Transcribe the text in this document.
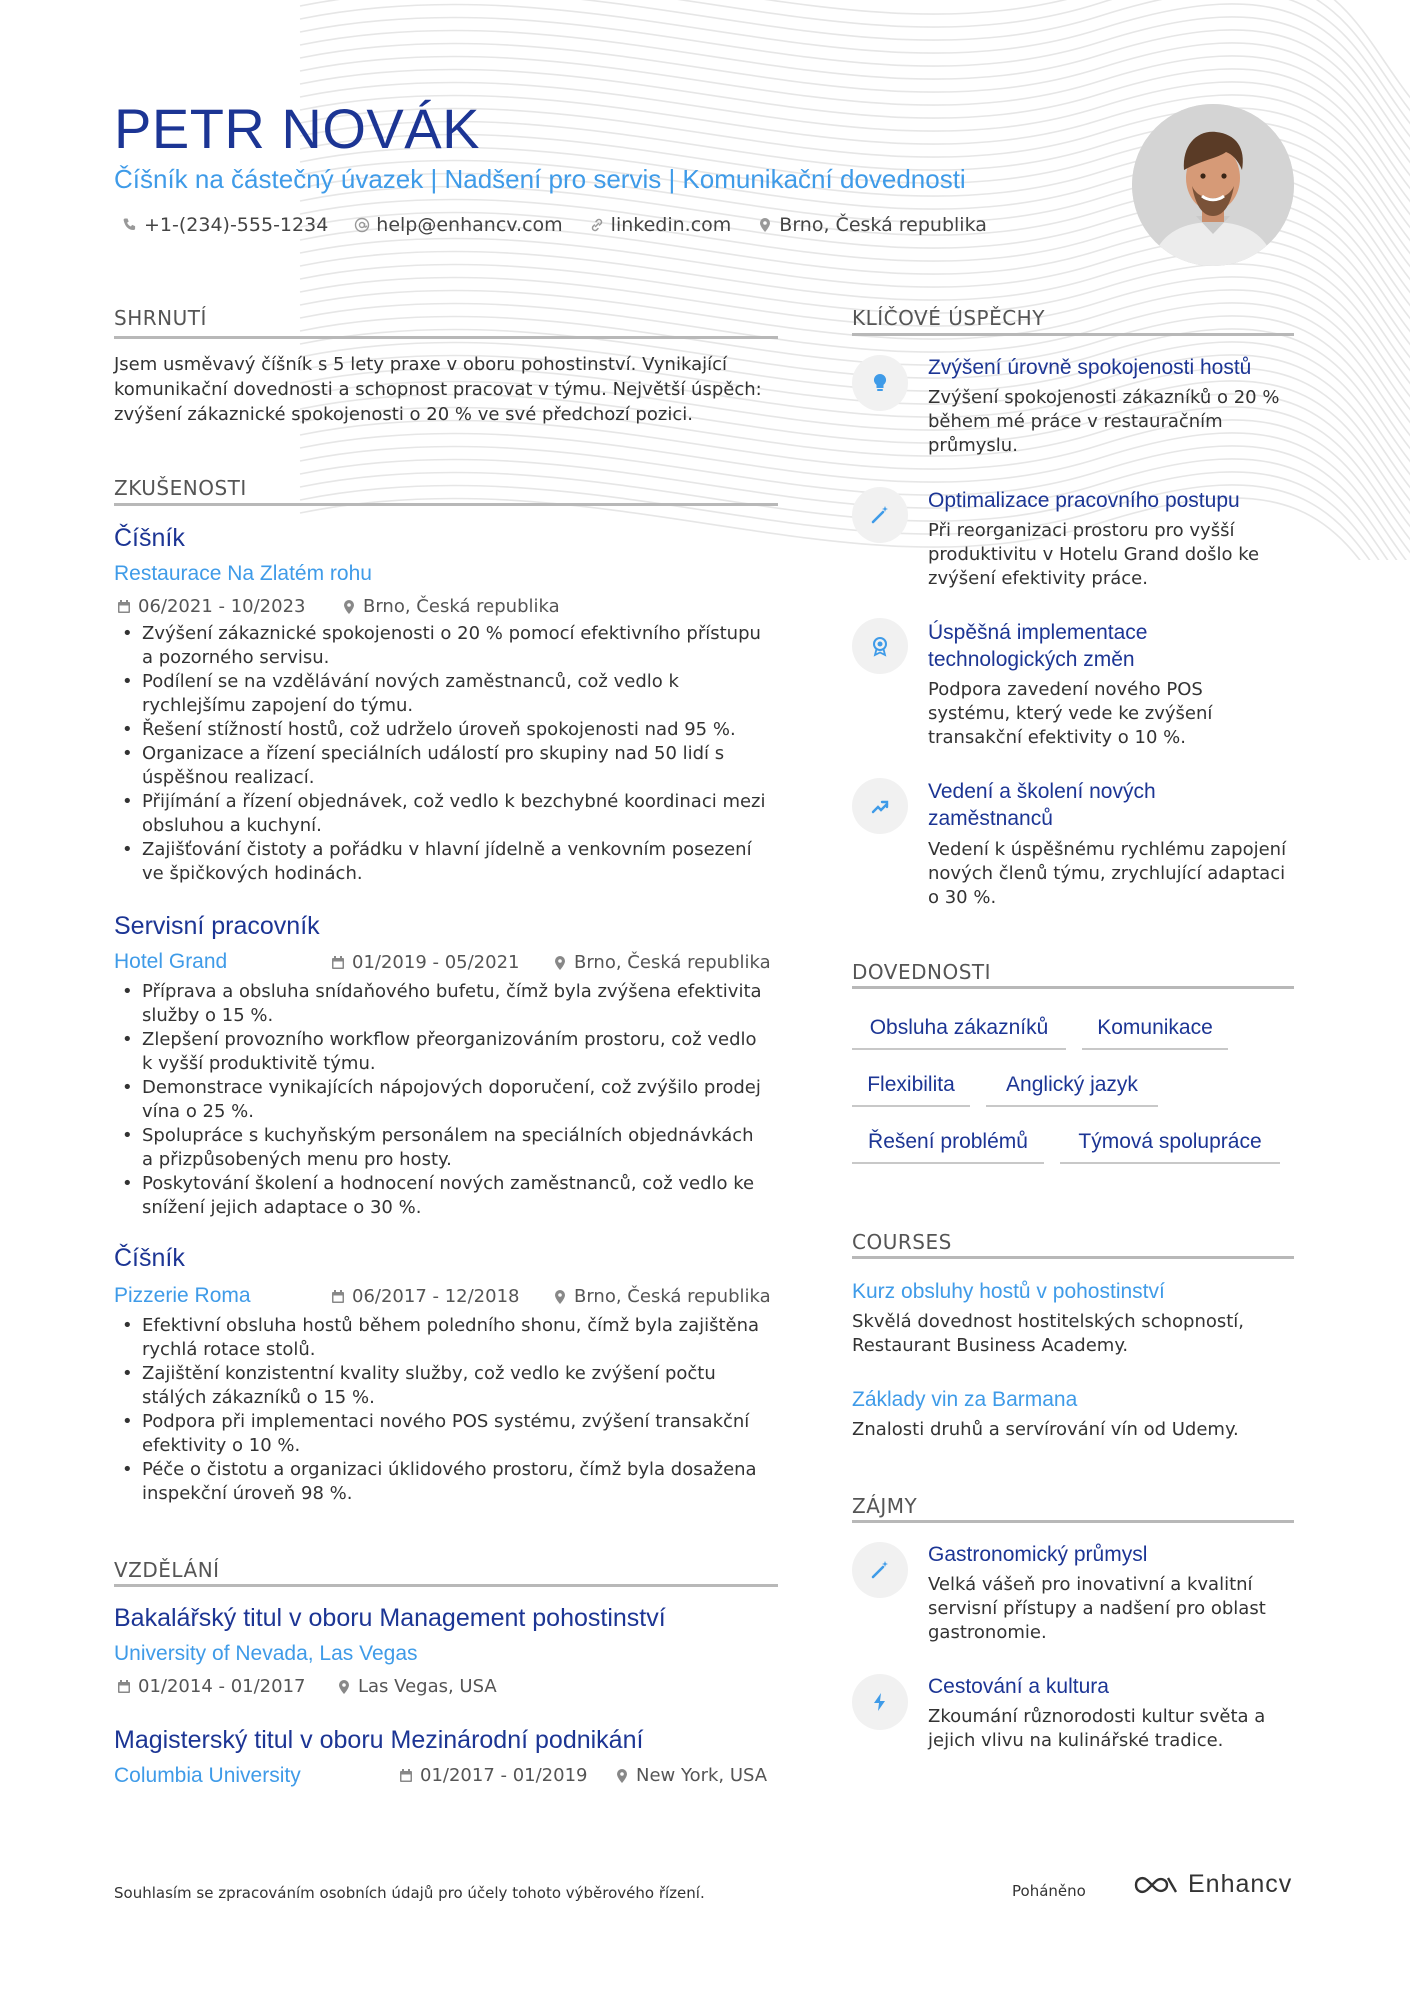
PETR NOVÁK
Číšník na částečný úvazek | Nadšení pro servis | Komunikační dovednosti
+1-(234)-555-1234	help@enhancv.com	linkedin.com	Brno, Česká republika
SHRNUTÍ
Jsem usměvavý číšník s 5 lety praxe v oboru pohostinství. Vynikající
komunikační dovednosti a schopnost pracovat v týmu. Největší úspěch:
zvýšení zákaznické spokojenosti o 20 % ve své předchozí pozici.
ZKUŠENOSTI
Číšník
Restaurace Na Zlatém rohu
06/2021 - 10/2023	Brno, Česká republika
• Zvýšení zákaznické spokojenosti o 20 % pomocí efektivního přístupu
a pozorného servisu.
• Podílení se na vzdělávání nových zaměstnanců, což vedlo k
rychlejšímu zapojení do týmu.
• Řešení stížností hostů, což udrželo úroveň spokojenosti nad 95 %.
• Organizace a řízení speciálních událostí pro skupiny nad 50 lidí s
úspěšnou realizací.
• Přijímání a řízení objednávek, což vedlo k bezchybné koordinaci mezi
obsluhou a kuchyní.
• Zajišťování čistoty a pořádku v hlavní jídelně a venkovním posezení
ve špičkových hodinách.
Servisní pracovník
Hotel Grand	01/2019 - 05/2021	Brno, Česká republika
• Příprava a obsluha snídaňového bufetu, čímž byla zvýšena efektivita
služby o 15 %.
• Zlepšení provozního workflow přeorganizováním prostoru, což vedlo
k vyšší produktivitě týmu.
• Demonstrace vynikajících nápojových doporučení, což zvýšilo prodej
vína o 25 %.
• Spolupráce s kuchyňským personálem na speciálních objednávkách
a přizpůsobených menu pro hosty.
• Poskytování školení a hodnocení nových zaměstnanců, což vedlo ke
snížení jejich adaptace o 30 %.
Číšník
Pizzerie Roma	06/2017 - 12/2018	Brno, Česká republika
• Efektivní obsluha hostů během poledního shonu, čímž byla zajištěna
rychlá rotace stolů.
• Zajištění konzistentní kvality služby, což vedlo ke zvýšení počtu
stálých zákazníků o 15 %.
• Podpora při implementaci nového POS systému, zvýšení transakční
efektivity o 10 %.
• Péče o čistotu a organizaci úklidového prostoru, čímž byla dosažena
inspekční úroveň 98 %.
VZDĚLÁNÍ
Bakalářský titul v oboru Management pohostinství
University of Nevada, Las Vegas
01/2014 - 01/2017	Las Vegas, USA
Magisterský titul v oboru Mezinárodní podnikání
Columbia University	01/2017 - 01/2019	New York, USA
KLÍČOVÉ ÚSPĚCHY
Zvýšení úrovně spokojenosti hostů
Zvýšení spokojenosti zákazníků o 20 %
během mé práce v restauračním
průmyslu.
Optimalizace pracovního postupu
Při reorganizaci prostoru pro vyšší
produktivitu v Hotelu Grand došlo ke
zvýšení efektivity práce.
Úspěšná implementace
technologických změn
Podpora zavedení nového POS
systému, který vede ke zvýšení
transakční efektivity o 10 %.
Vedení a školení nových
zaměstnanců
Vedení k úspěšnému rychlému zapojení
nových členů týmu, zrychlující adaptaci
o 30 %.
DOVEDNOSTI
Obsluha zákazníků	Komunikace
Flexibilita	Anglický jazyk
Řešení problémů	Týmová spolupráce
COURSES
Kurz obsluhy hostů v pohostinství
Skvělá dovednost hostitelských schopností,
Restaurant Business Academy.
Základy vin za Barmana
Znalosti druhů a servírování vín od Udemy.
ZÁJMY
Gastronomický průmysl
Velká vášeň pro inovativní a kvalitní
servisní přístupy a nadšení pro oblast
gastronomie.
Cestování a kultura
Zkoumání různorodosti kultur světa a
jejich vlivu na kulinářské tradice.
Souhlasím se zpracováním osobních údajů pro účely tohoto výběrového řízení.	Poháněno	Enhancv
